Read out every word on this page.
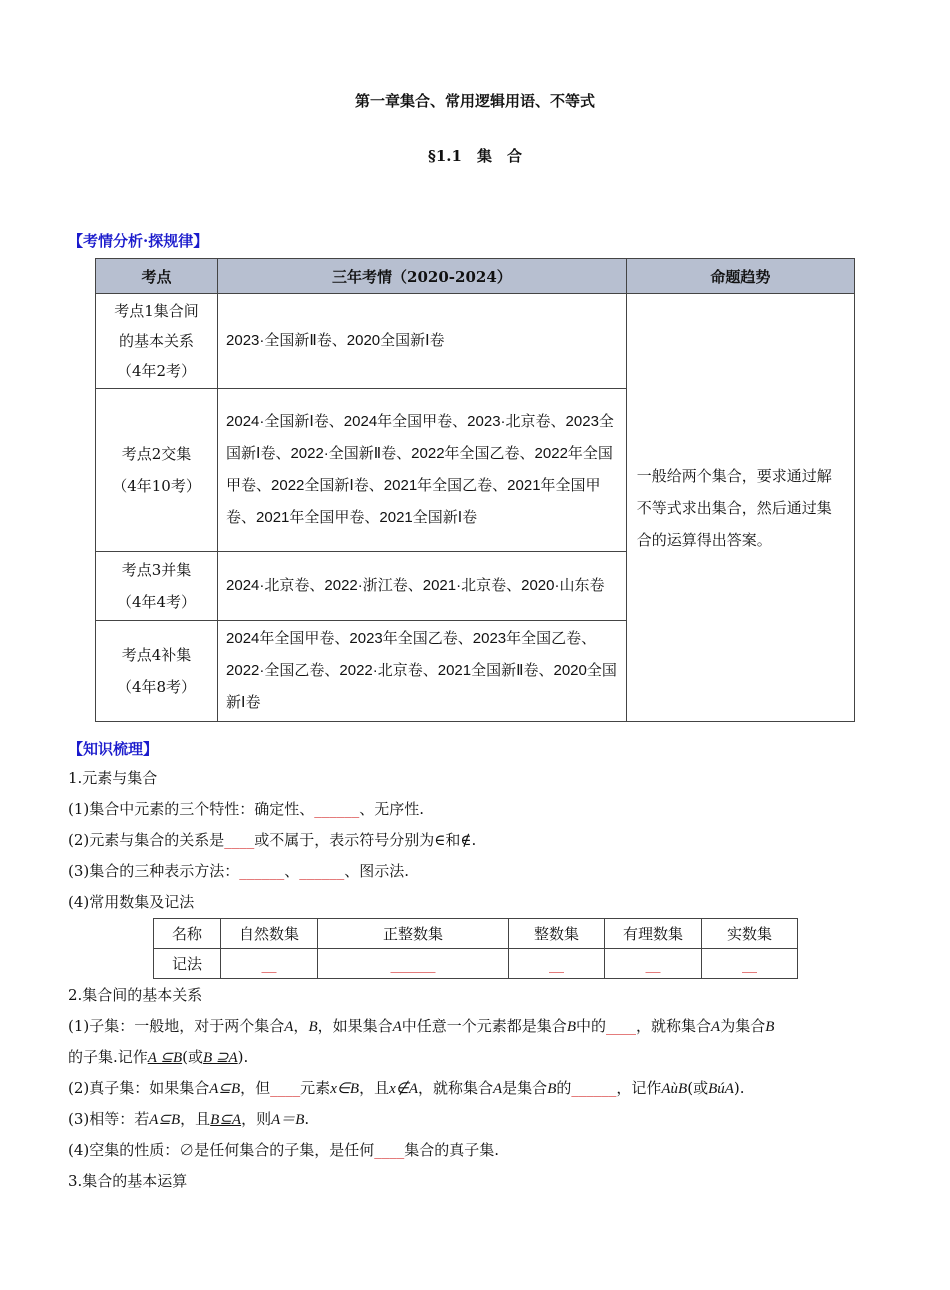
第一章集合、常用逻辑用语、不等式
§1.1　集　合
【考情分析·探规律】
考点	三年考情（2020-2024）	命题趋势

考点1集合间
的基本关系
（4年2考）	2023·全国新Ⅱ卷、2020全国新Ⅰ卷	一般给两个集合，要求通过解不等式求出集合，然后通过集合的运算得出答案。

考点2交集
（4年10考）	2024·全国新Ⅰ卷、2024年全国甲卷、2023·北京卷、2023全国新Ⅰ卷、2022·全国新Ⅱ卷、2022年全国乙卷、2022年全国甲卷、2022全国新Ⅰ卷、2021年全国乙卷、2021年全国甲卷、2021年全国甲卷、2021全国新Ⅰ卷	

考点3并集
（4年4考）	2024·北京卷、2022·浙江卷、2021·北京卷、2020·山东卷	

考点4补集
（4年8考）	2024年全国甲卷、2023年全国乙卷、2023年全国乙卷、2022·全国乙卷、2022·北京卷、2021全国新Ⅱ卷、2020全国新Ⅰ卷	
【知识梳理】
1.元素与集合
(1)集合中元素的三个特性：确定性、______、无序性.
(2)元素与集合的关系是____或不属于，表示符号分别为∈和∉.
(3)集合的三种表示方法：______、______、图示法.
(4)常用数集及记法
名称	自然数集	正整数集	整数集	有理数集	实数集
记法	__	______	__	__	__
2.集合间的基本关系
(1)子集：一般地，对于两个集合A，B，如果集合A中任意一个元素都是集合B中的____，就称集合A为集合B
的子集.记作A ⊆B(或B ⊇A).
(2)真子集：如果集合A⊆B，但____元素x∈B，且x∉A，就称集合A是集合B的______，记作AùB(或BúA).
(3)相等：若A⊆B，且B⊆A，则A＝B.
(4)空集的性质：∅是任何集合的子集，是任何____集合的真子集.
3.集合的基本运算
